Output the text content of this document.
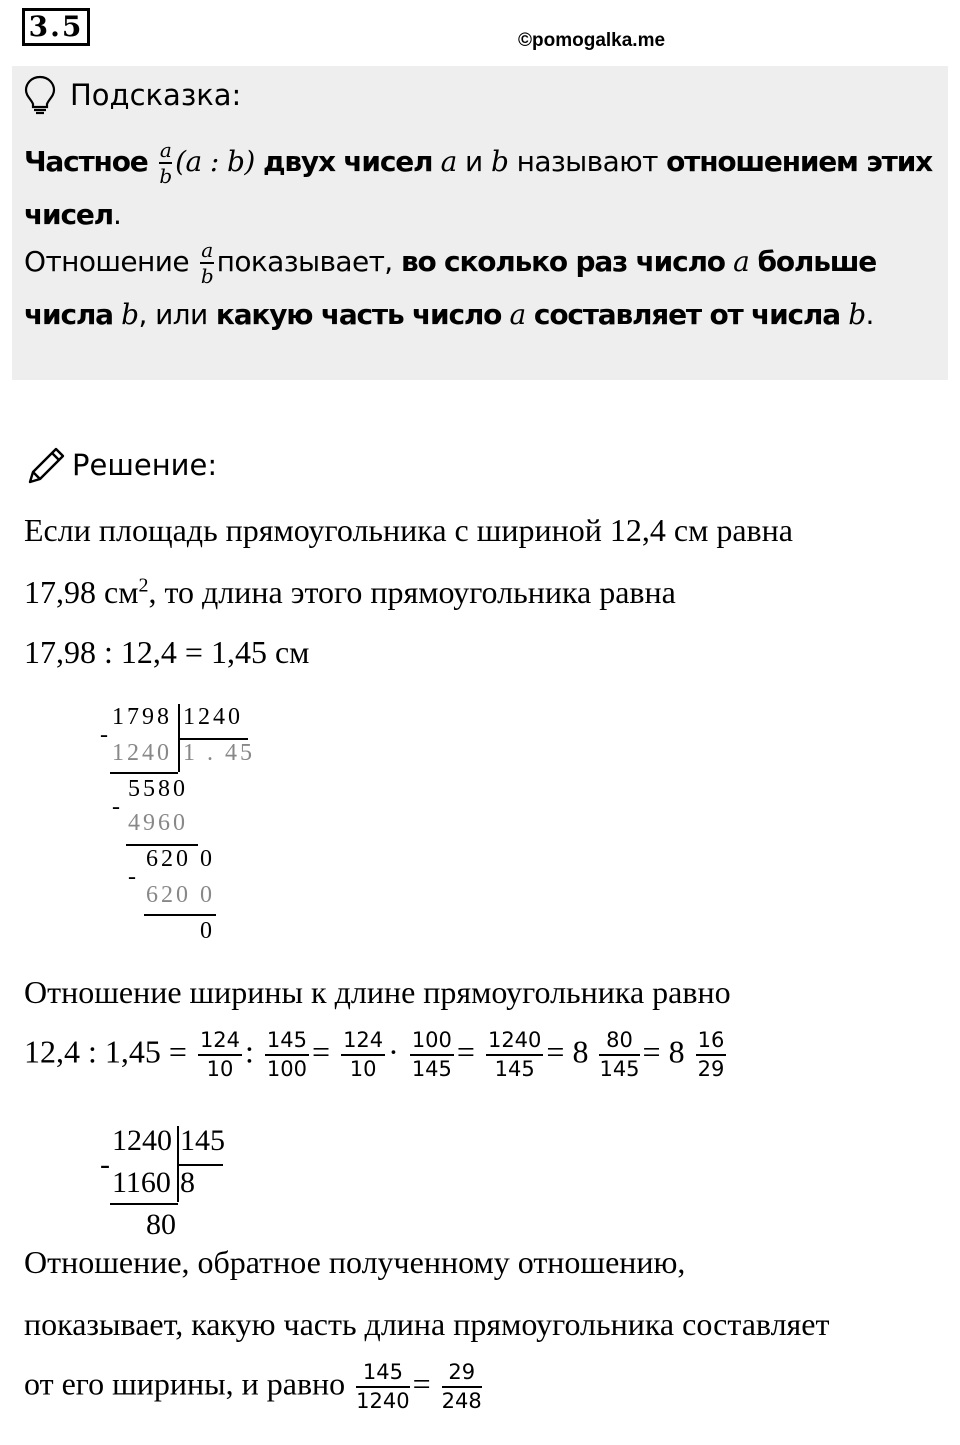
3.5	©pomogalka.me
Подсказка:
Частное $\frac{a}{b} (a$ : b) двух чисел a и b называют отношением этих
чисел.
Отношение $\frac{a}{b}$ показывает, во сколько раз число a больше
числа b, или какую часть число a составляет от числа b.
Решение:
Если площадь прямоугольника с шириной 12,4 см равна
17,98 $см^2$, то длина этого прямоугольника равна
17,98 : 12,4 = 1,45 см
1798 1240
-
1240 1 . 45
5580
-
4960
620 0
-
620 0
0
Отношение ширины к длине прямоугольника равно
12,4 : $1,45 = \frac{124}{10}$ : $\frac{145}{100} = \frac{124}{10} \cdot \frac{100}{145} = \frac{1240}{145} = 8 \frac{80}{145} = 8 \frac{16}{29}$
1240 145
-
1160 8
80
Отношение, обратное полученному отношению,
показывает, какую часть длина прямоугольника составляет
от его ширины, и равно $\frac{145}{1240} = \frac{29}{248}$
